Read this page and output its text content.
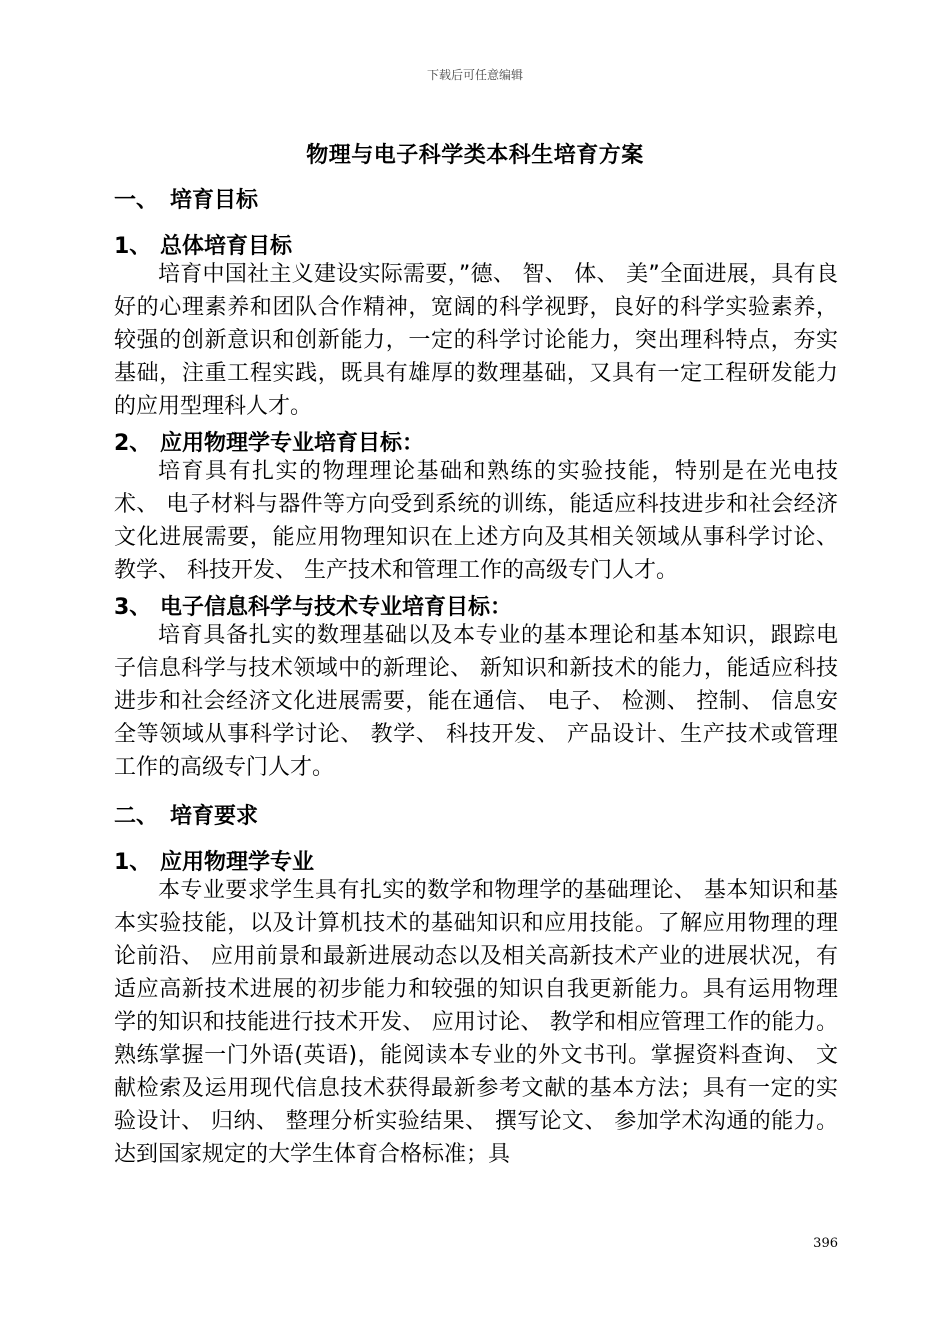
下载后可任意编辑
物理与电子科学类本科生培育方案
一、 培育目标
1、 总体培育目标

培育中国社主义建设实际需要，”德、 智、 体、 美”全面进展，具有良好的心理素养和团队合作精神，宽阔的科学视野，良好的科学实验素养，较强的创新意识和创新能力，一定的科学讨论能力，突出理科特点，夯实基础，注重工程实践，既具有雄厚的数理基础，又具有一定工程研发能力的应用型理科人才。

2、 应用物理学专业培育目标：

培育具有扎实的物理理论基础和熟练的实验技能，特别是在光电技术、 电子材料与器件等方向受到系统的训练，能适应科技进步和社会经济文化进展需要，能应用物理知识在上述方向及其相关领域从事科学讨论、 教学、 科技开发、 生产技术和管理工作的高级专门人才。

3、 电子信息科学与技术专业培育目标：

培育具备扎实的数理基础以及本专业的基本理论和基本知识，跟踪电子信息科学与技术领域中的新理论、 新知识和新技术的能力，能适应科技进步和社会经济文化进展需要，能在通信、 电子、 检测、 控制、 信息安全等领域从事科学讨论、 教学、 科技开发、 产品设计、生产技术或管理工作的高级专门人才。

二、 培育要求
1、 应用物理学专业

本专业要求学生具有扎实的数学和物理学的基础理论、 基本知识和基本实验技能，以及计算机技术的基础知识和应用技能。了解应用物理的理论前沿、 应用前景和最新进展动态以及相关高新技术产业的进展状况，有适应高新技术进展的初步能力和较强的知识自我更新能力。具有运用物理学的知识和技能进行技术开发、 应用讨论、 教学和相应管理工作的能力。熟练掌握一门外语(英语)，能阅读本专业的外文书刊。掌握资料查询、 文献检索及运用现代信息技术获得最新参考文献的基本方法；具有一定的实验设计、 归纳、 整理分析实验结果、 撰写论文、 参加学术沟通的能力。达到国家规定的大学生体育合格标准；具

396
